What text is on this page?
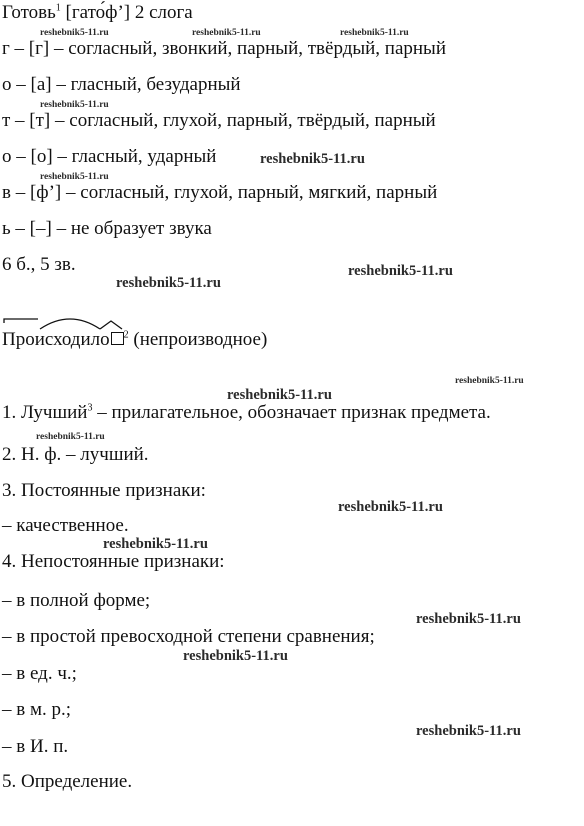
Готовь$^1$ [гато́ф’] 2 слога
г – [г] – согласный, звонкий, парный, твёрдый, парный
о – [а] – гласный, безударный
т – [т] – согласный, глухой, парный, твёрдый, парный
о – [о] – гласный, ударный
в – [ф’] – согласный, глухой, парный, мягкий, парный
ь – [–] – не образует звука
6 б., 5 зв.
Происходило $^2$ (непроизводное)
1. Лучший$^3$ – прилагательное, обозначает признак предмета.
2. Н. ф. – лучший.
3. Постоянные признаки:
– качественное.
4. Непостоянные признаки:
– в полной форме;
– в простой превосходной степени сравнения;
– в ед. ч.;
– в м. р.;
– в И. п.
5. Определение.
reshebnik5-11.ru	reshebnik5-11.ru	reshebnik5-11.ru
reshebnik5-11.ru
reshebnik5-11.ru
reshebnik5-11.ru
reshebnik5-11.ru
reshebnik5-11.ru
reshebnik5-11.ru
reshebnik5-11.ru
reshebnik5-11.ru
reshebnik5-11.ru
reshebnik5-11.ru
reshebnik5-11.ru
reshebnik5-11.ru
reshebnik5-11.ru
